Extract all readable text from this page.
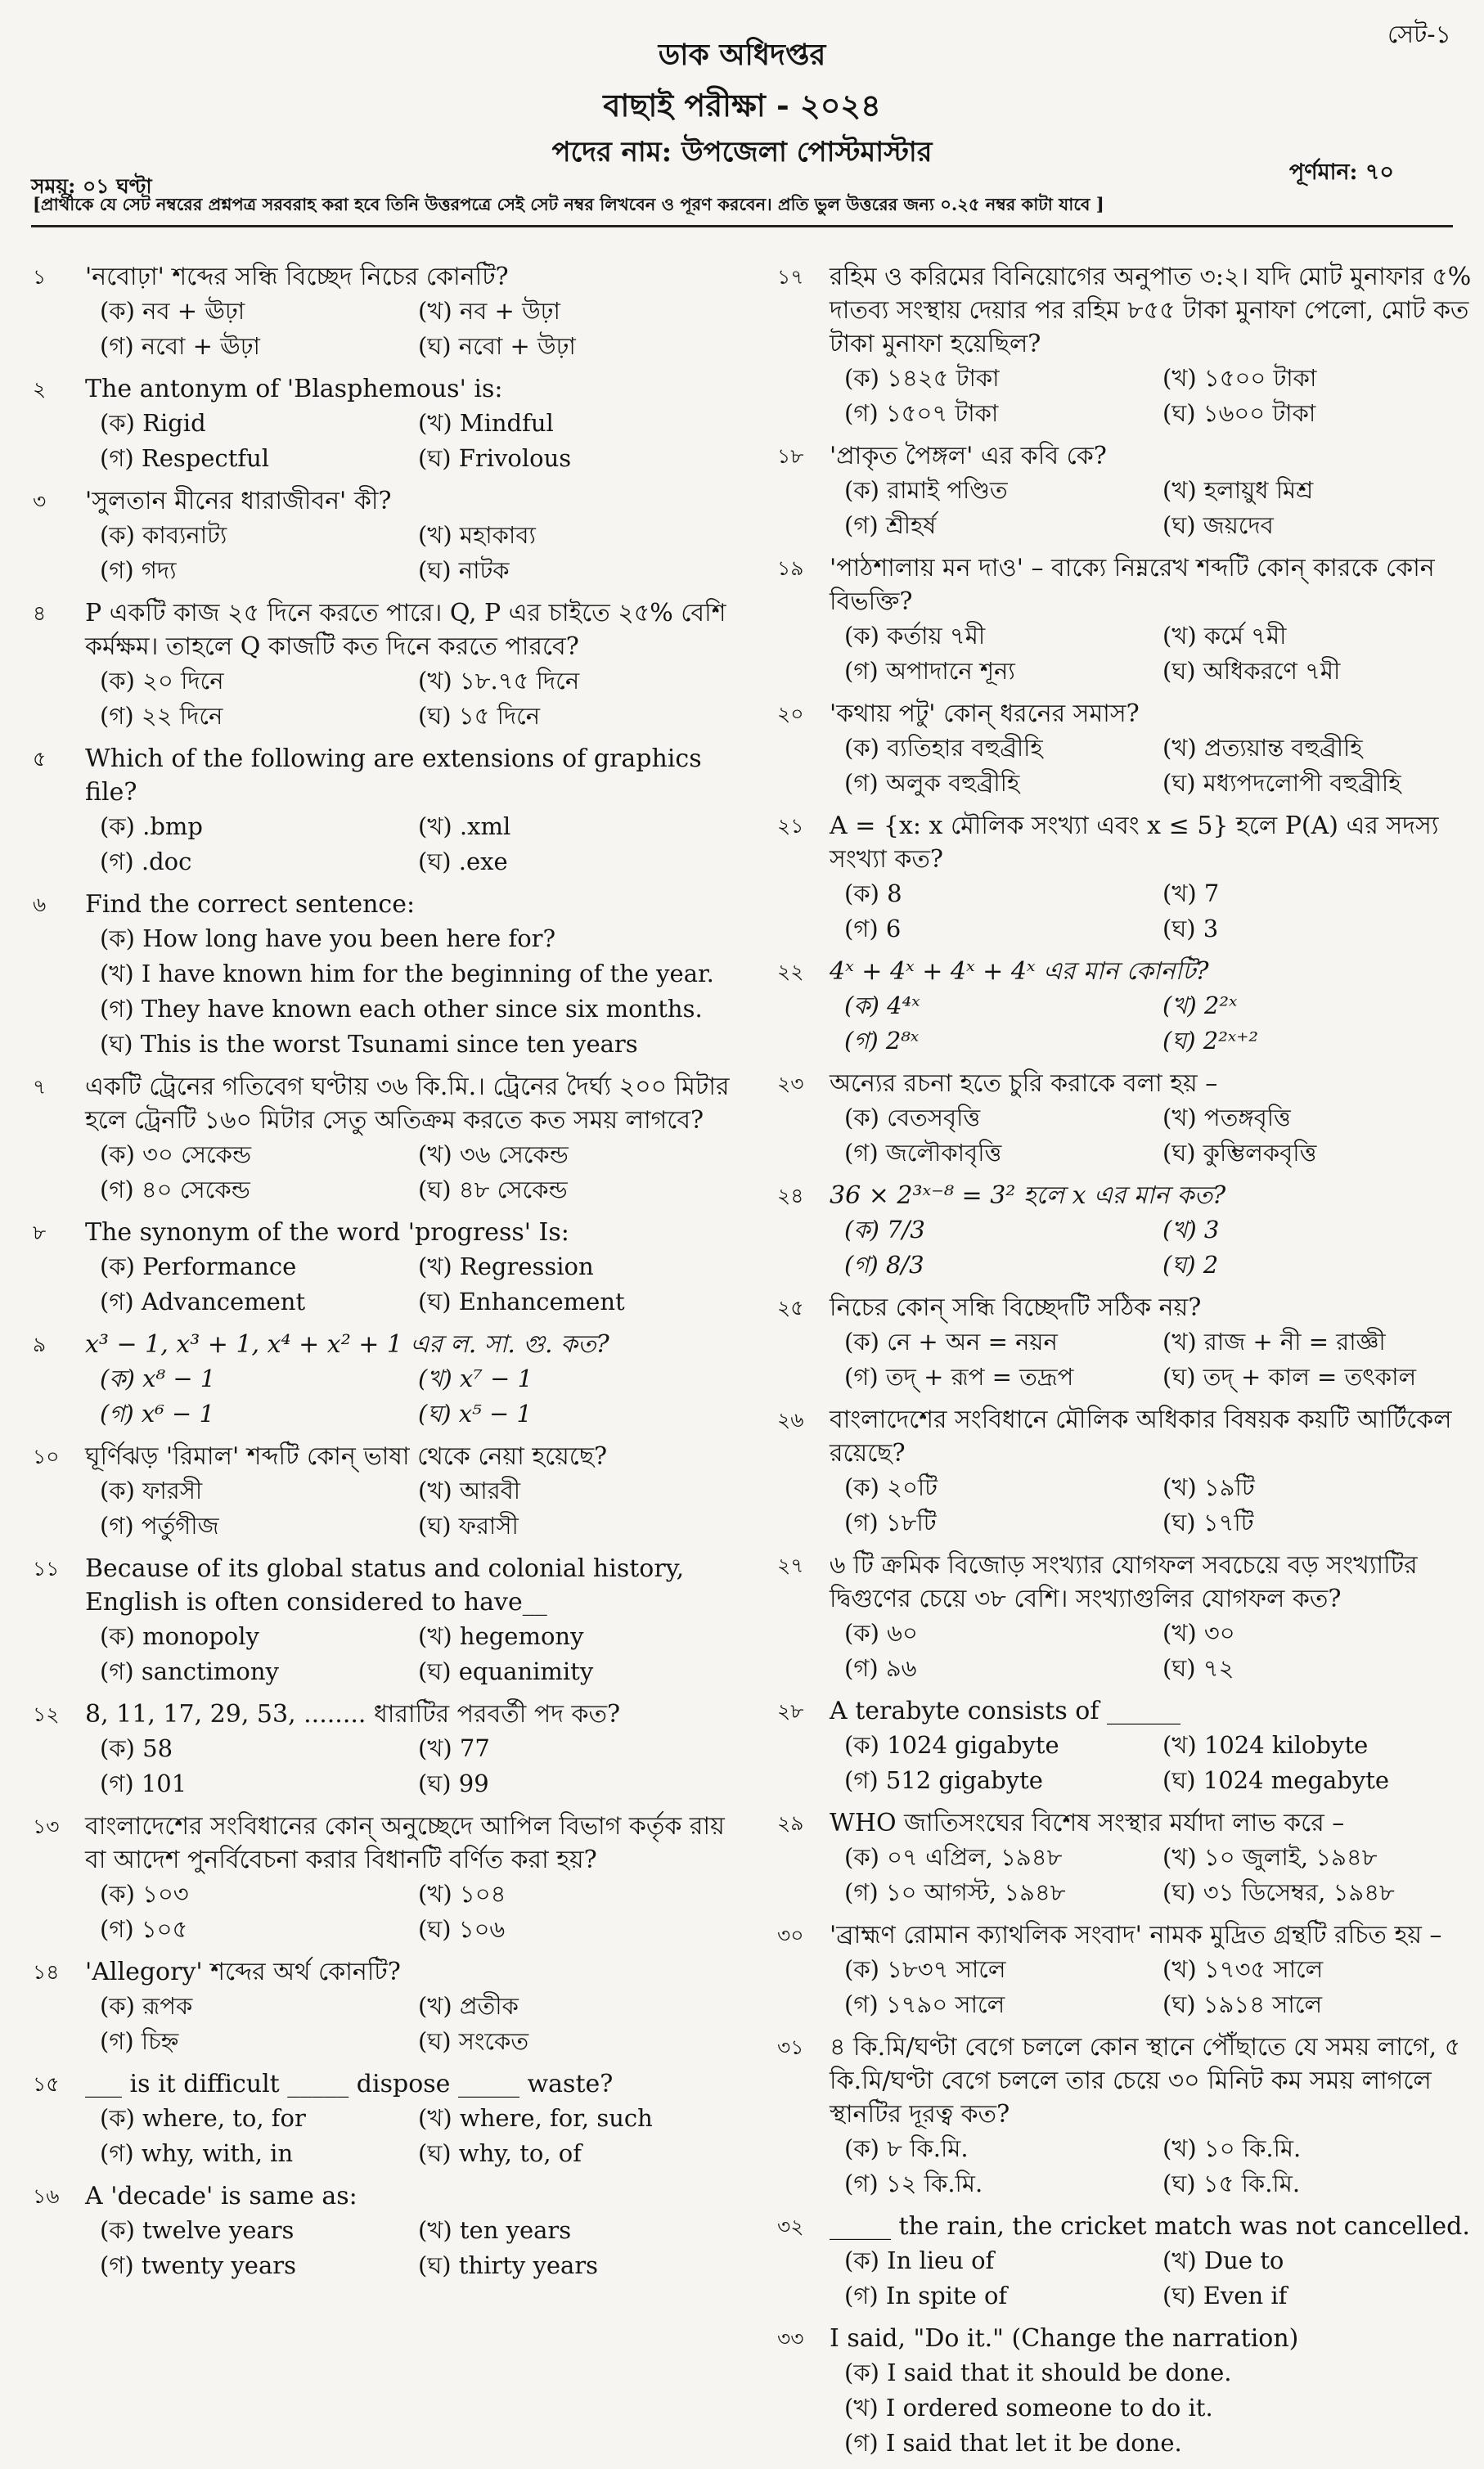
সেট-১
ডাক অধিদপ্তর
বাছাই পরীক্ষা - ২০২৪
পদের নাম: উপজেলা পোস্টমাস্টার
সময়: ০১ ঘণ্টা
পূর্ণমান: ৭০
[প্রার্থীকে যে সেট নম্বরের প্রশ্নপত্র সরবরাহ করা হবে তিনি উত্তরপত্রে সেই সেট নম্বর লিখবেন ও পূরণ করবেন। প্রতি ভুল উত্তরের জন্য ০.২৫ নম্বর কাটা যাবে ]
১	'নবোঢ়া' শব্দের সন্ধি বিচ্ছেদ নিচের কোনটি?
(ক) নব + ঊঢ়া	(খ) নব + উঢ়া
(গ) নবো + ঊঢ়া	(ঘ) নবো + উঢ়া
২	The antonym of 'Blasphemous' is:
(ক) Rigid	(খ) Mindful
(গ) Respectful	(ঘ) Frivolous
৩	'সুলতান মীনের ধারাজীবন' কী?
(ক) কাব্যনাট্য	(খ) মহাকাব্য
(গ) গদ্য	(ঘ) নাটক
৪	P একটি কাজ ২৫ দিনে করতে পারে। Q, P এর চাইতে ২৫% বেশি কর্মক্ষম। তাহলে Q কাজটি কত দিনে করতে পারবে?
(ক) ২০ দিনে	(খ) ১৮.৭৫ দিনে
(গ) ২২ দিনে	(ঘ) ১৫ দিনে
৫	Which of the following are extensions of graphics file?
(ক) .bmp	(খ) .xml
(গ) .doc	(ঘ) .exe
৬	Find the correct sentence:
(ক) How long have you been here for?
(খ) I have known him for the beginning of the year.
(গ) They have known each other since six months.
(ঘ) This is the worst Tsunami since ten years
৭	একটি ট্রেনের গতিবেগ ঘণ্টায় ৩৬ কি.মি.। ট্রেনের দৈর্ঘ্য ২০০ মিটার হলে ট্রেনটি ১৬০ মিটার সেতু অতিক্রম করতে কত সময় লাগবে?
(ক) ৩০ সেকেন্ড	(খ) ৩৬ সেকেন্ড
(গ) ৪০ সেকেন্ড	(ঘ) ৪৮ সেকেন্ড
৮	The synonym of the word 'progress' Is:
(ক) Performance	(খ) Regression
(গ) Advancement	(ঘ) Enhancement
৯	x³ − 1, x³ + 1, x⁴ + x² + 1 এর ল. সা. গু. কত?
(ক) x⁸ − 1	(খ) x⁷ − 1
(গ) x⁶ − 1	(ঘ) x⁵ − 1
১০	ঘূর্ণিঝড় 'রিমাল' শব্দটি কোন্ ভাষা থেকে নেয়া হয়েছে?
(ক) ফারসী	(খ) আরবী
(গ) পর্তুগীজ	(ঘ) ফরাসী
১১	Because of its global status and colonial history, English is often considered to have__
(ক) monopoly	(খ) hegemony
(গ) sanctimony	(ঘ) equanimity
১২	8, 11, 17, 29, 53, ........ ধারাটির পরবর্তী পদ কত?
(ক) 58	(খ) 77
(গ) 101	(ঘ) 99
১৩	বাংলাদেশের সংবিধানের কোন্ অনুচ্ছেদে আপিল বিভাগ কর্তৃক রায় বা আদেশ পুনর্বিবেচনা করার বিধানটি বর্ণিত করা হয়?
(ক) ১০৩	(খ) ১০৪
(গ) ১০৫	(ঘ) ১০৬
১৪	'Allegory' শব্দের অর্থ কোনটি?
(ক) রূপক	(খ) প্রতীক
(গ) চিহ্ন	(ঘ) সংকেত
১৫	___ is it difficult _____ dispose _____ waste?
(ক) where, to, for	(খ) where, for, such
(গ) why, with, in	(ঘ) why, to, of
১৬	A 'decade' is same as:
(ক) twelve years	(খ) ten years
(গ) twenty years	(ঘ) thirty years
১৭	রহিম ও করিমের বিনিয়োগের অনুপাত ৩:২। যদি মোট মুনাফার ৫% দাতব্য সংস্থায় দেয়ার পর রহিম ৮৫৫ টাকা মুনাফা পেলো, মোট কত টাকা মুনাফা হয়েছিল?
(ক) ১৪২৫ টাকা	(খ) ১৫০০ টাকা
(গ) ১৫০৭ টাকা	(ঘ) ১৬০০ টাকা
১৮	'প্রাকৃত পৈঙ্গল' এর কবি কে?
(ক) রামাই পণ্ডিত	(খ) হলায়ুধ মিশ্র
(গ) শ্রীহর্ষ	(ঘ) জয়দেব
১৯	'পাঠশালায় মন দাও' – বাক্যে নিম্নরেখ শব্দটি কোন্ কারকে কোন বিভক্তি?
(ক) কর্তায় ৭মী	(খ) কর্মে ৭মী
(গ) অপাদানে শূন্য	(ঘ) অধিকরণে ৭মী
২০	'কথায় পটু' কোন্ ধরনের সমাস?
(ক) ব্যতিহার বহুব্রীহি	(খ) প্রত্যয়ান্ত বহুব্রীহি
(গ) অলুক বহুব্রীহি	(ঘ) মধ্যপদলোপী বহুব্রীহি
২১	A = {x: x মৌলিক সংখ্যা এবং x ≤ 5} হলে P(A) এর সদস্য সংখ্যা কত?
(ক) 8	(খ) 7
(গ) 6	(ঘ) 3
২২	4ˣ + 4ˣ + 4ˣ + 4ˣ এর মান কোনটি?
(ক) 4⁴ˣ	(খ) 2²ˣ
(গ) 2⁸ˣ	(ঘ) 2²ˣ⁺²
২৩	অন্যের রচনা হতে চুরি করাকে বলা হয় –
(ক) বেতসবৃত্তি	(খ) পতঙ্গবৃত্তি
(গ) জলৌকাবৃত্তি	(ঘ) কুম্ভিলকবৃত্তি
২৪	36 × 2³ˣ⁻⁸ = 3² হলে x এর মান কত?
(ক) 7/3	(খ) 3
(গ) 8/3	(ঘ) 2
২৫	নিচের কোন্ সন্ধি বিচ্ছেদটি সঠিক নয়?
(ক) নে + অন = নয়ন	(খ) রাজ + নী = রাজ্ঞী
(গ) তদ্ + রূপ = তদ্রূপ	(ঘ) তদ্ + কাল = তৎকাল
২৬	বাংলাদেশের সংবিধানে মৌলিক অধিকার বিষয়ক কয়টি আর্টিকেল রয়েছে?
(ক) ২০টি	(খ) ১৯টি
(গ) ১৮টি	(ঘ) ১৭টি
২৭	৬ টি ক্রমিক বিজোড় সংখ্যার যোগফল সবচেয়ে বড় সংখ্যাটির দ্বিগুণের চেয়ে ৩৮ বেশি। সংখ্যাগুলির যোগফল কত?
(ক) ৬০	(খ) ৩০
(গ) ৯৬	(ঘ) ৭২
২৮	A terabyte consists of ______
(ক) 1024 gigabyte	(খ) 1024 kilobyte
(গ) 512 gigabyte	(ঘ) 1024 megabyte
২৯	WHO জাতিসংঘের বিশেষ সংস্থার মর্যাদা লাভ করে –
(ক) ০৭ এপ্রিল, ১৯৪৮	(খ) ১০ জুলাই, ১৯৪৮
(গ) ১০ আগস্ট, ১৯৪৮	(ঘ) ৩১ ডিসেম্বর, ১৯৪৮
৩০	'ব্রাহ্মণ রোমান ক্যাথলিক সংবাদ' নামক মুদ্রিত গ্রন্থটি রচিত হয় –
(ক) ১৮৩৭ সালে	(খ) ১৭৩৫ সালে
(গ) ১৭৯০ সালে	(ঘ) ১৯১৪ সালে
৩১	৪ কি.মি/ঘণ্টা বেগে চললে কোন স্থানে পৌঁছাতে যে সময় লাগে, ৫ কি.মি/ঘণ্টা বেগে চললে তার চেয়ে ৩০ মিনিট কম সময় লাগলে স্থানটির দূরত্ব কত?
(ক) ৮ কি.মি.	(খ) ১০ কি.মি.
(গ) ১২ কি.মি.	(ঘ) ১৫ কি.মি.
৩২	_____ the rain, the cricket match was not cancelled.
(ক) In lieu of	(খ) Due to
(গ) In spite of	(ঘ) Even if
৩৩	I said, "Do it." (Change the narration)
(ক) I said that it should be done.
(খ) I ordered someone to do it.
(গ) I said that let it be done.
